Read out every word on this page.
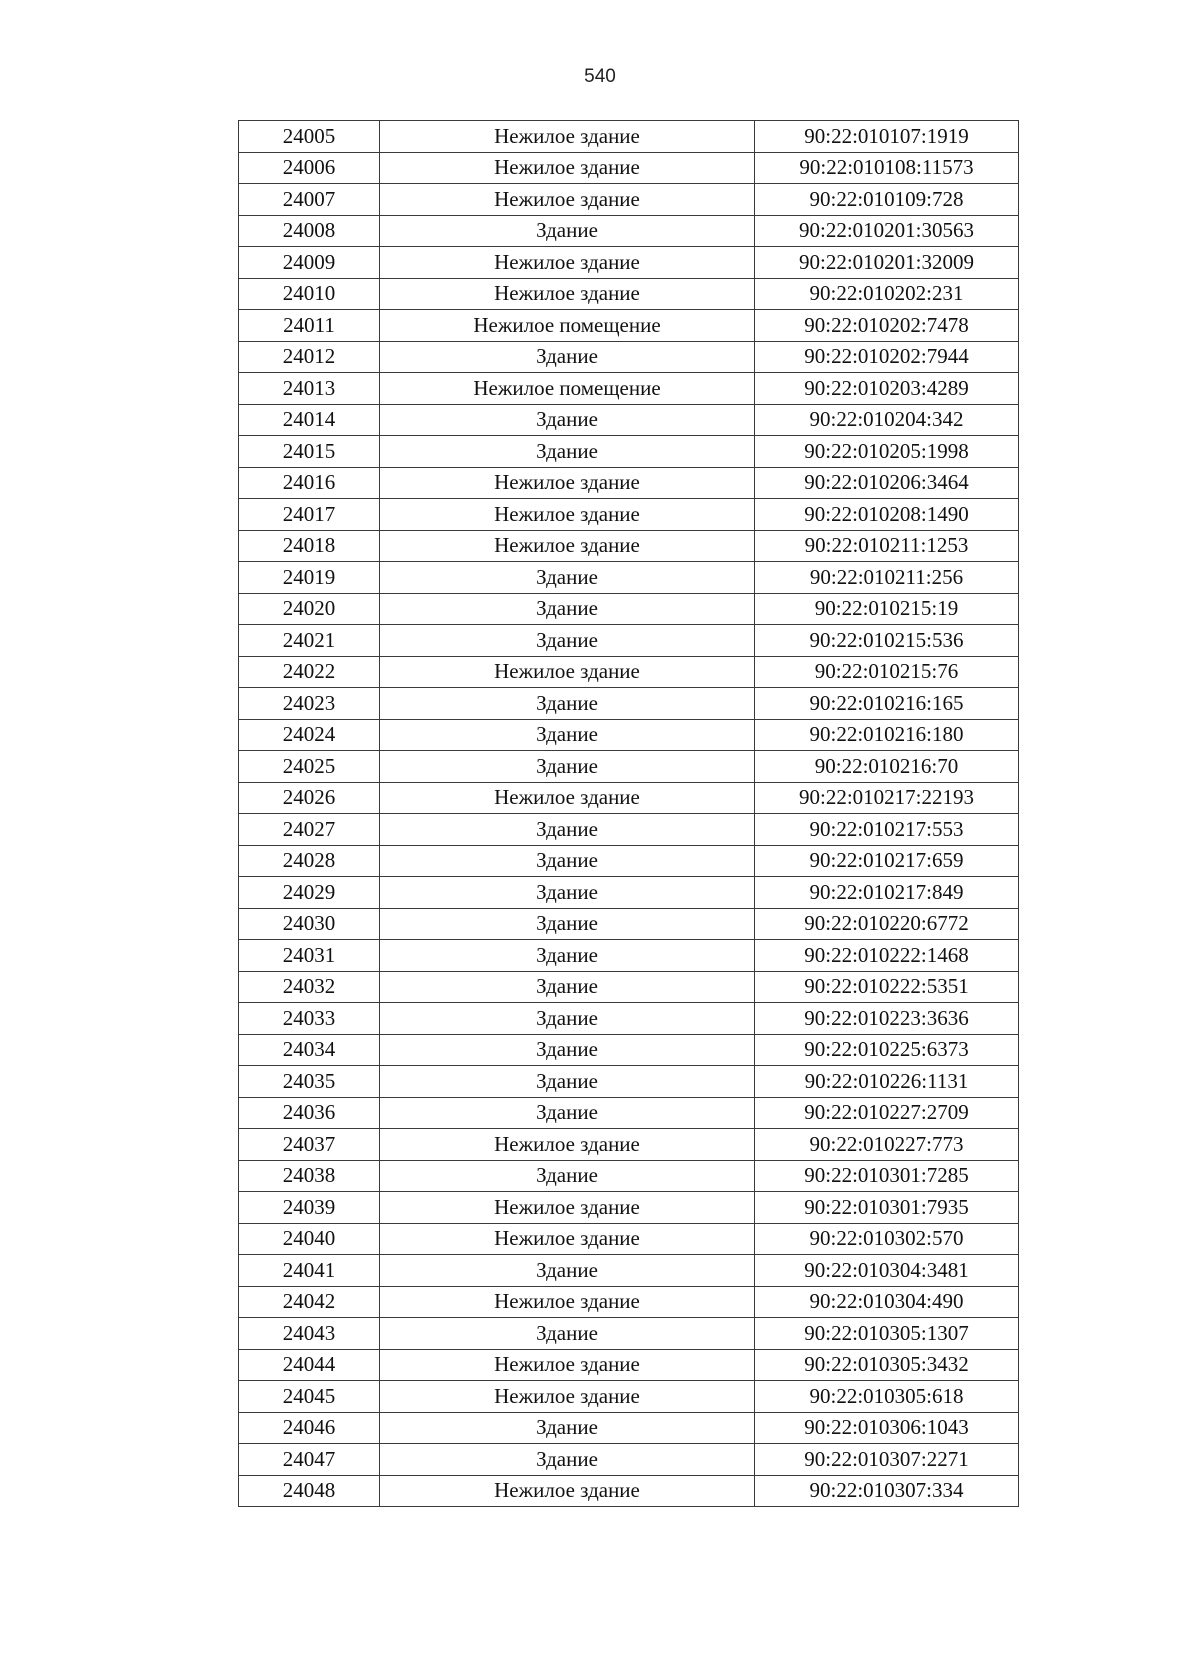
540
24005	Нежилое здание	90:22:010107:1919
24006	Нежилое здание	90:22:010108:11573
24007	Нежилое здание	90:22:010109:728
24008	Здание	90:22:010201:30563
24009	Нежилое здание	90:22:010201:32009
24010	Нежилое здание	90:22:010202:231
24011	Нежилое помещение	90:22:010202:7478
24012	Здание	90:22:010202:7944
24013	Нежилое помещение	90:22:010203:4289
24014	Здание	90:22:010204:342
24015	Здание	90:22:010205:1998
24016	Нежилое здание	90:22:010206:3464
24017	Нежилое здание	90:22:010208:1490
24018	Нежилое здание	90:22:010211:1253
24019	Здание	90:22:010211:256
24020	Здание	90:22:010215:19
24021	Здание	90:22:010215:536
24022	Нежилое здание	90:22:010215:76
24023	Здание	90:22:010216:165
24024	Здание	90:22:010216:180
24025	Здание	90:22:010216:70
24026	Нежилое здание	90:22:010217:22193
24027	Здание	90:22:010217:553
24028	Здание	90:22:010217:659
24029	Здание	90:22:010217:849
24030	Здание	90:22:010220:6772
24031	Здание	90:22:010222:1468
24032	Здание	90:22:010222:5351
24033	Здание	90:22:010223:3636
24034	Здание	90:22:010225:6373
24035	Здание	90:22:010226:1131
24036	Здание	90:22:010227:2709
24037	Нежилое здание	90:22:010227:773
24038	Здание	90:22:010301:7285
24039	Нежилое здание	90:22:010301:7935
24040	Нежилое здание	90:22:010302:570
24041	Здание	90:22:010304:3481
24042	Нежилое здание	90:22:010304:490
24043	Здание	90:22:010305:1307
24044	Нежилое здание	90:22:010305:3432
24045	Нежилое здание	90:22:010305:618
24046	Здание	90:22:010306:1043
24047	Здание	90:22:010307:2271
24048	Нежилое здание	90:22:010307:334
